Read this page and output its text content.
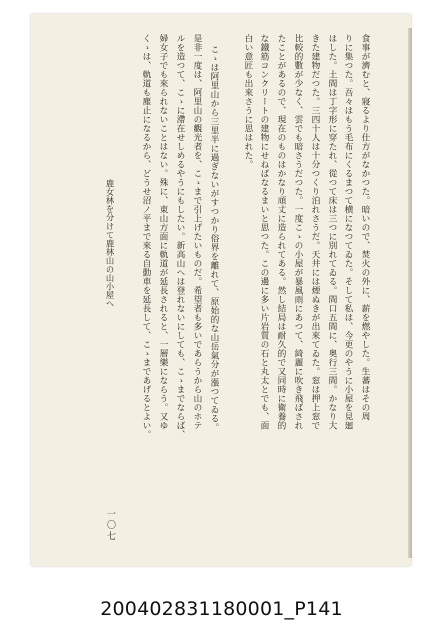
食事が濟むと、寢るより仕方がなかつた。暗いので、焚火の外に、薪を燃やした。生蕃はその周
りに集つた。吾々はもう毛布にくるまつて横になつてゐた。そして私は、今更のやうに小屋を見廻
はした。土間は丁字形に穿たれ、從つて床は三つに別れてゐる。間口五間に、奥行三間。かなり大
きた建物だつた。三四十人は十分つくり泊れさうだ。天井には煙ぬきが出來てゐた。窓は押上窓で
比較的數が少なく、雲でも暗さうだつた。一度こゝの小屋が暴風雨にあつて、綺麗に吹き飛ばされ
たことがあるので、現在のものはかなり頑丈に造られてある。然し結局は耐久的で又同時に衛養的
な鐵筋コンクリートの建物にせねばなるまいと思つた。この邊に多い片岩質の石と丸太とでも、面
白い意匠も出來さうに思はれた。
こゝは阿里山から三里半に過ぎないがすつかり俗界を離れて、原始的な山岳氣分が漲つてゐる。
是非一度は、阿里山の觀光者を、こゝまで引上げたいものだ。希望者も多いであらうから山のホテ
ルを造つて、こゝに滯在せしめるやうにもしたい。新高山へは登れないにしても、こゝまでならば、
婦女子でも來られないことはない。殊に、東山方面に軌道が延長されると、一層樂にならう。又ゆ
くゝは、軌道も塵止になるから、どうせ沼ノ平まで來る自動車を延長して、こゝまであげるとよい。
鹿女林を分けて鹿林山の山小屋へ
一〇七
200402831180001_P141
